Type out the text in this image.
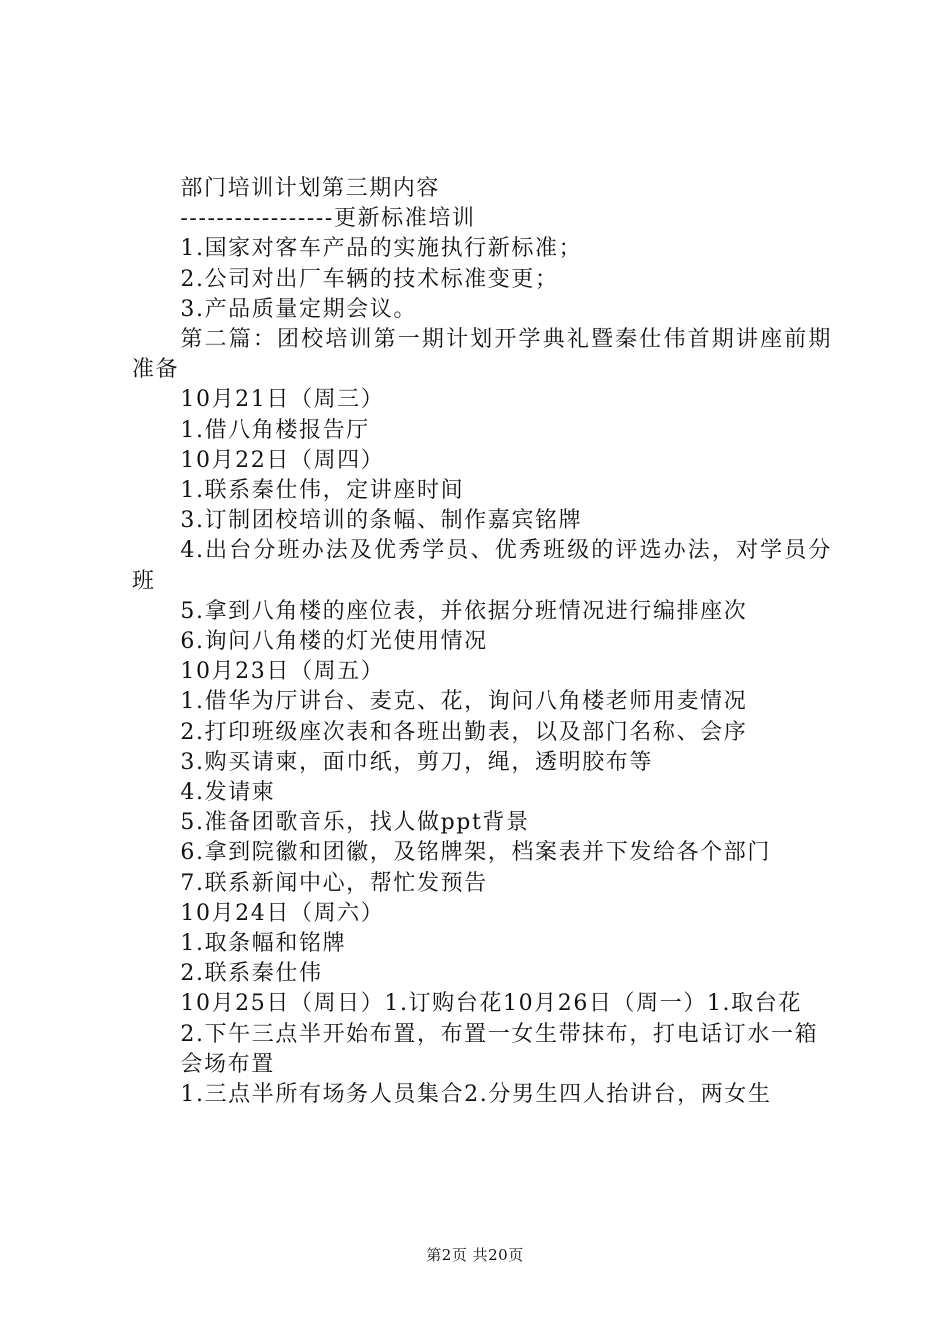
部门培训计划第三期内容
-----------------更新标准培训
1.国家对客车产品的实施执行新标准；
2.公司对出厂车辆的技术标准变更；
3.产品质量定期会议。
第二篇：团校培训第一期计划开学典礼暨秦仕伟首期讲座前期准备
10月21日（周三）
1.借八角楼报告厅
10月22日（周四）
1.联系秦仕伟，定讲座时间
3.订制团校培训的条幅、制作嘉宾铭牌
4.出台分班办法及优秀学员、优秀班级的评选办法，对学员分班
5.拿到八角楼的座位表，并依据分班情况进行编排座次
6.询问八角楼的灯光使用情况
10月23日（周五）
1.借华为厅讲台、麦克、花，询问八角楼老师用麦情况
2.打印班级座次表和各班出勤表，以及部门名称、会序
3.购买请柬，面巾纸，剪刀，绳，透明胶布等
4.发请柬
5.准备团歌音乐，找人做ppt背景
6.拿到院徽和团徽，及铭牌架，档案表并下发给各个部门
7.联系新闻中心，帮忙发预告
10月24日（周六）
1.取条幅和铭牌
2.联系秦仕伟
10月25日（周日）1.订购台花10月26日（周一）1.取台花
2.下午三点半开始布置，布置一女生带抹布，打电话订水一箱
会场布置
1.三点半所有场务人员集合2.分男生四人抬讲台，两女生
第2页 共20页
